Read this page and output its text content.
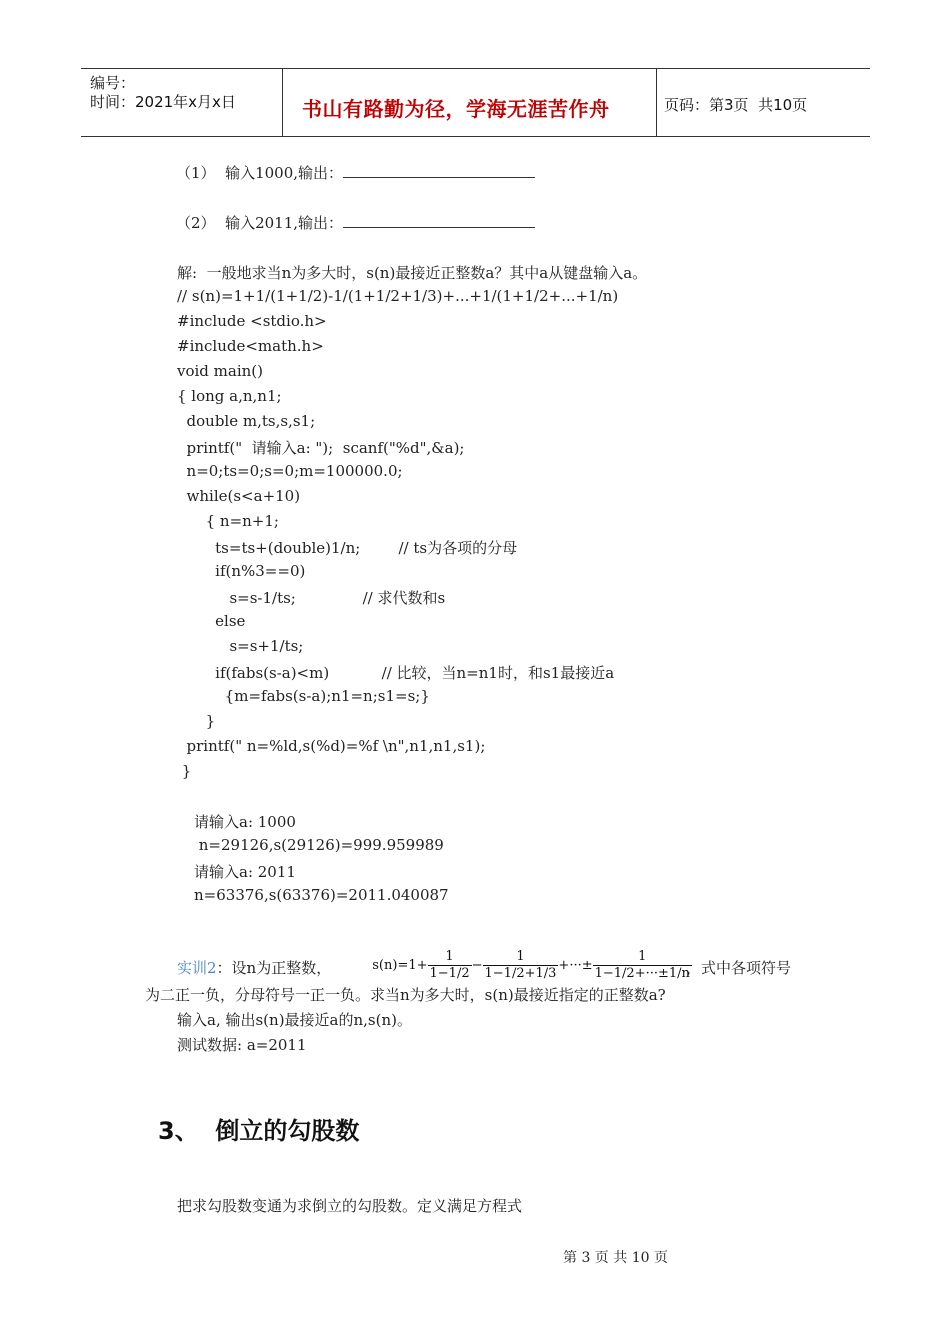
编号：
时间：2021年x月x日	书山有路勤为径，学海无涯苦作舟	页码：第3页  共10页
（1）  输入1000,输出：
（2）  输入2011,输出：
解:  一般地求当n为多大时，s(n)最接近正整数a？其中a从键盘输入a。
// s(n)=1+1/(1+1/2)-1/(1+1/2+1/3)+...+1/(1+1/2+...+1/n)
#include <stdio.h>
#include<math.h>
void main()
{ long a,n,n1;
double m,ts,s,s1;
printf("  请输入a: ");  scanf("%d",&a);
n=0;ts=0;s=0;m=100000.0;
while(s<a+10)
{ n=n+1;
ts=ts+(double)1/n;        // ts为各项的分母
if(n%3==0)
s=s-1/ts;              // 求代数和s
else
s=s+1/ts;
if(fabs(s-a)<m)           // 比较，当n=n1时，和s1最接近a
{m=fabs(s-a);n1=n;s1=s;}
}
printf(" n=%ld,s(%d)=%f \n",n1,n1,s1);
}
请输入a: 1000
n=29126,s(29126)=999.959989
请输入a: 2011
n=63376,s(63376)=2011.040087
实训2：设n为正整数，	$s(n)=1+ \frac{1}{1-1/2} - \frac{1}{1-1/2+1/3}$ +···± $\frac{1}{1-1/2+\cdot\cdot\cdot\pm 1/n}$

，式中各项符号
为二正一负，分母符号一正一负。求当n为多大时，s(n)最接近指定的正整数a?
输入a, 输出s(n)最接近a的n,s(n)。
测试数据: a=2011
3、  倒立的勾股数
把求勾股数变通为求倒立的勾股数。定义满足方程式
第 3 页 共 10 页
